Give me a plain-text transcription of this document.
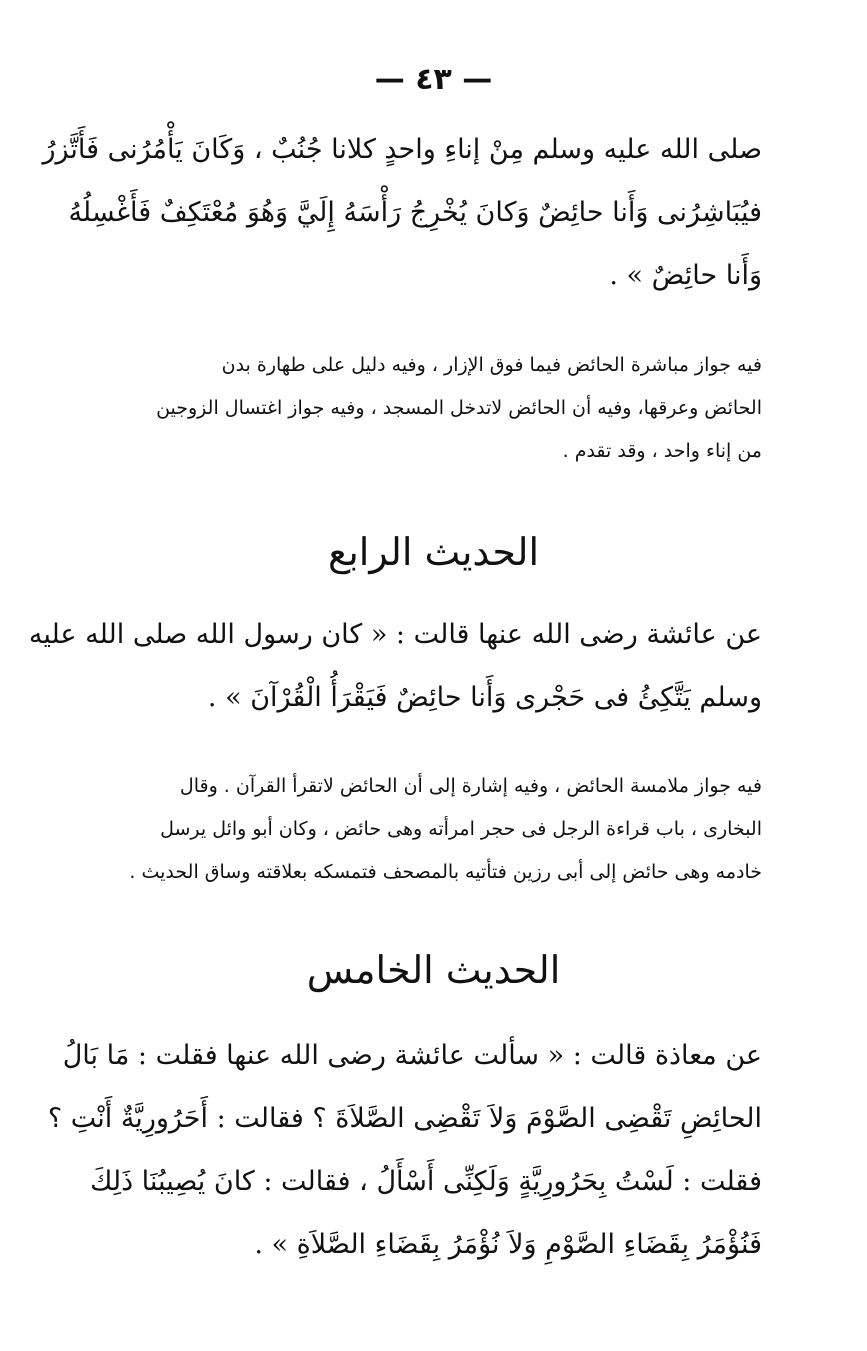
— ٤٣ —
صلى الله عليه وسلم مِنْ إناءِ واحدٍ كلانا جُنُبٌ ، وَكَانَ يَأْمُرُنى فَأَتَّزرُ
فيُبَاشِرُنى وَأَنا حائِضٌ وَكانَ يُخْرِجُ رَأْسَهُ إِلَيَّ وَهُوَ مُعْتَكِفٌ فَأَغْسِلُهُ
وَأَنا حائِضٌ » .
فيه جواز مباشرة الحائض فيما فوق الإزار ، وفيه دليل على طهارة بدن
الحائض وعرقها، وفيه أن الحائض لاتدخل المسجد ، وفيه جواز اغتسال الزوجين
من إناء واحد ، وقد تقدم .
الحديث الرابع
عن عائشة رضى الله عنها قالت : « كان رسول الله صلى الله عليه
وسلم يَتَّكِئُ فى حَجْرى وَأَنا حائِضٌ فَيَقْرَأُ الْقُرْآنَ » .
فيه جواز ملامسة الحائض ، وفيه إشارة إلى أن الحائض لاتقرأ القرآن . وقال
البخارى ، باب قراءة الرجل فى حجر امرأته وهى حائض ، وكان أبو وائل يرسل
خادمه وهى حائض إلى أبى رزين فتأتيه بالمصحف فتمسكه بعلاقته وساق الحديث .
الحديث الخامس
عن معاذة قالت : « سألت عائشة رضى الله عنها فقلت : مَا بَالُ
الحائِضِ تَقْضِى الصَّوْمَ وَلاَ تَقْضِى الصَّلاَةَ ؟ فقالت : أَحَرُورِيَّةٌ أَنْتِ ؟
فقلت : لَسْتُ بِحَرُورِيَّةٍ وَلَكِنِّى أَسْأَلُ ، فقالت : كانَ يُصِيبُنَا ذَلِكَ
فَنُؤْمَرُ بِقَضَاءِ الصَّوْمِ وَلاَ نُؤْمَرُ بِقَضَاءِ الصَّلاَةِ » .
